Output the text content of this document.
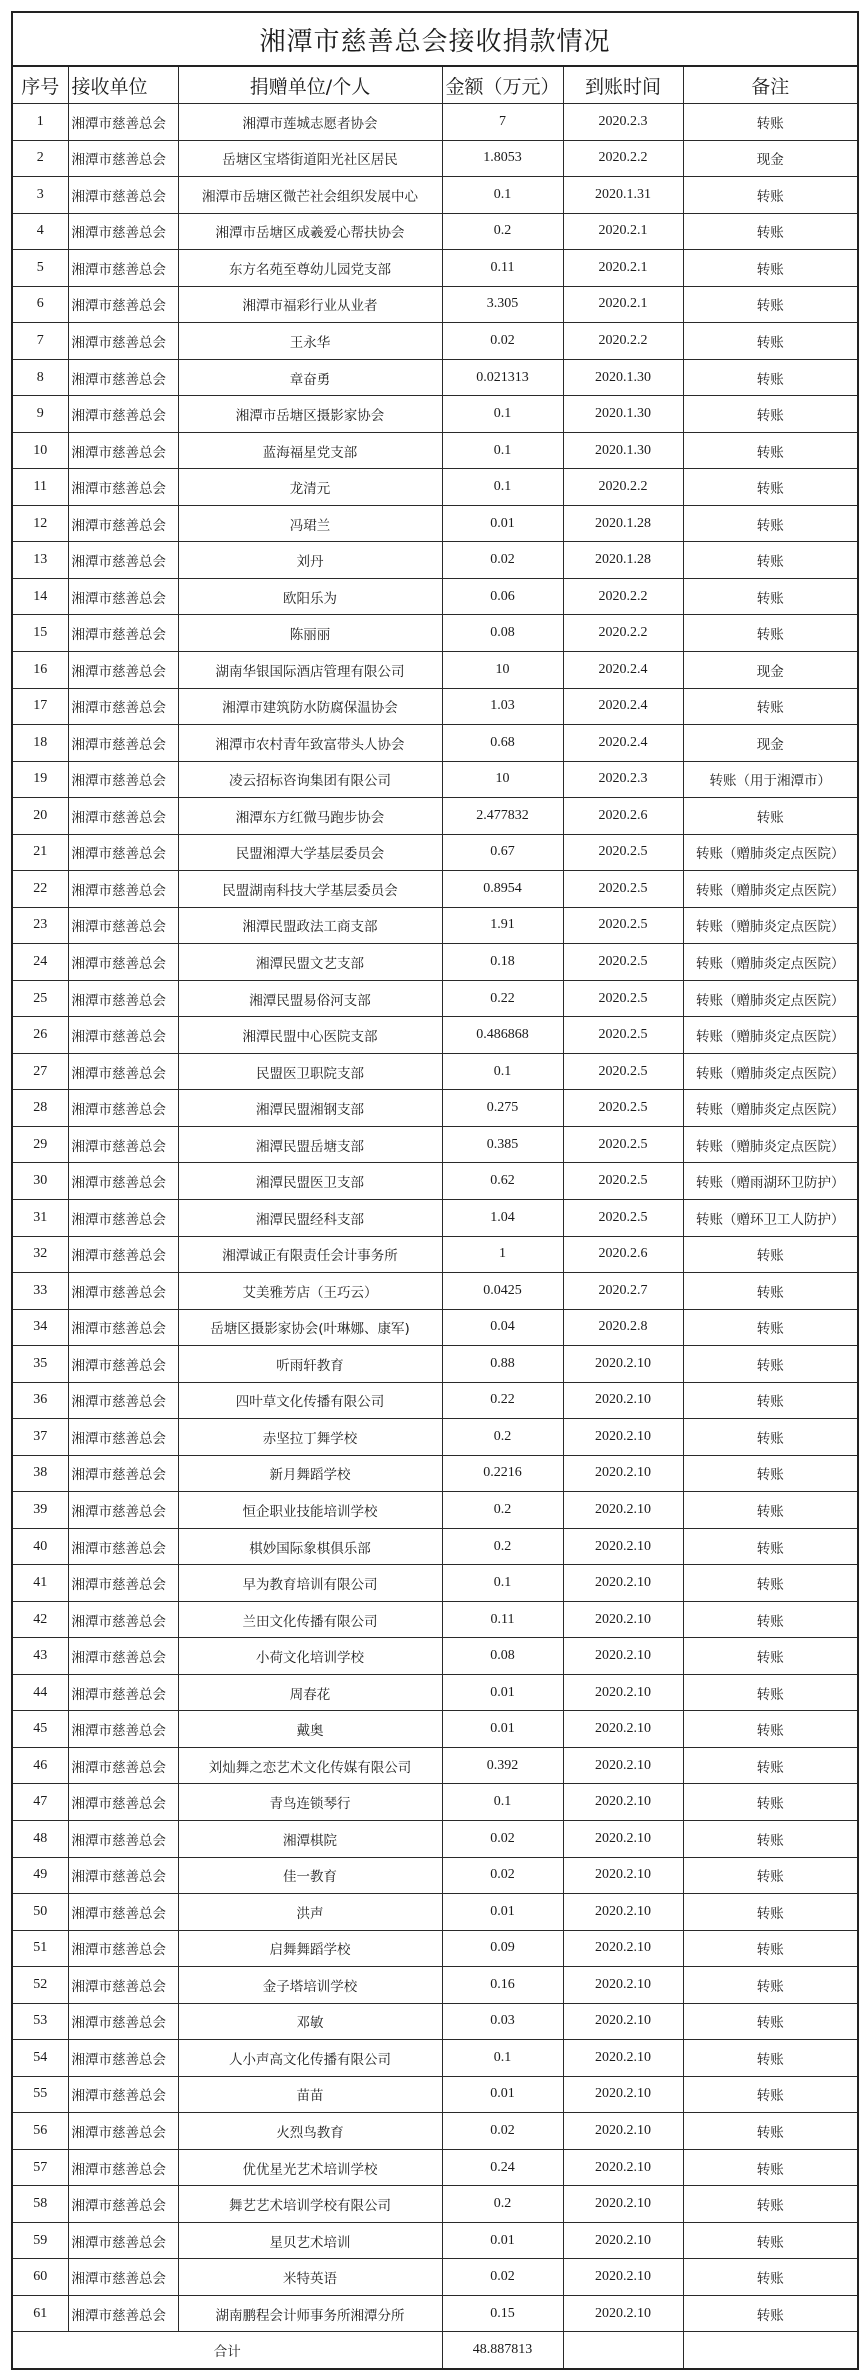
湘潭市慈善总会接收捐款情况
序号	接收单位	捐赠单位/个人	金额（万元）	到账时间	备注
1	湘潭市慈善总会	湘潭市莲城志愿者协会	7	2020.2.3	转账
2	湘潭市慈善总会	岳塘区宝塔街道阳光社区居民	1.8053	2020.2.2	现金
3	湘潭市慈善总会	湘潭市岳塘区微芒社会组织发展中心	0.1	2020.1.31	转账
4	湘潭市慈善总会	湘潭市岳塘区成羲爱心帮扶协会	0.2	2020.2.1	转账
5	湘潭市慈善总会	东方名苑至尊幼儿园党支部	0.11	2020.2.1	转账
6	湘潭市慈善总会	湘潭市福彩行业从业者	3.305	2020.2.1	转账
7	湘潭市慈善总会	王永华	0.02	2020.2.2	转账
8	湘潭市慈善总会	章奋勇	0.021313	2020.1.30	转账
9	湘潭市慈善总会	湘潭市岳塘区摄影家协会	0.1	2020.1.30	转账
10	湘潭市慈善总会	蓝海福星党支部	0.1	2020.1.30	转账
11	湘潭市慈善总会	龙清元	0.1	2020.2.2	转账
12	湘潭市慈善总会	冯珺兰	0.01	2020.1.28	转账
13	湘潭市慈善总会	刘丹	0.02	2020.1.28	转账
14	湘潭市慈善总会	欧阳乐为	0.06	2020.2.2	转账
15	湘潭市慈善总会	陈丽丽	0.08	2020.2.2	转账
16	湘潭市慈善总会	湖南华银国际酒店管理有限公司	10	2020.2.4	现金
17	湘潭市慈善总会	湘潭市建筑防水防腐保温协会	1.03	2020.2.4	转账
18	湘潭市慈善总会	湘潭市农村青年致富带头人协会	0.68	2020.2.4	现金
19	湘潭市慈善总会	凌云招标咨询集团有限公司	10	2020.2.3	转账（用于湘潭市）
20	湘潭市慈善总会	湘潭东方红微马跑步协会	2.477832	2020.2.6	转账
21	湘潭市慈善总会	民盟湘潭大学基层委员会	0.67	2020.2.5	转账（赠肺炎定点医院）
22	湘潭市慈善总会	民盟湖南科技大学基层委员会	0.8954	2020.2.5	转账（赠肺炎定点医院）
23	湘潭市慈善总会	湘潭民盟政法工商支部	1.91	2020.2.5	转账（赠肺炎定点医院）
24	湘潭市慈善总会	湘潭民盟文艺支部	0.18	2020.2.5	转账（赠肺炎定点医院）
25	湘潭市慈善总会	湘潭民盟易俗河支部	0.22	2020.2.5	转账（赠肺炎定点医院）
26	湘潭市慈善总会	湘潭民盟中心医院支部	0.486868	2020.2.5	转账（赠肺炎定点医院）
27	湘潭市慈善总会	民盟医卫职院支部	0.1	2020.2.5	转账（赠肺炎定点医院）
28	湘潭市慈善总会	湘潭民盟湘钢支部	0.275	2020.2.5	转账（赠肺炎定点医院）
29	湘潭市慈善总会	湘潭民盟岳塘支部	0.385	2020.2.5	转账（赠肺炎定点医院）
30	湘潭市慈善总会	湘潭民盟医卫支部	0.62	2020.2.5	转账（赠雨湖环卫防护）
31	湘潭市慈善总会	湘潭民盟经科支部	1.04	2020.2.5	转账（赠环卫工人防护）
32	湘潭市慈善总会	湘潭诚正有限责任会计事务所	1	2020.2.6	转账
33	湘潭市慈善总会	艾美雅芳店（王巧云）	0.0425	2020.2.7	转账
34	湘潭市慈善总会	岳塘区摄影家协会(叶琳娜、康军)	0.04	2020.2.8	转账
35	湘潭市慈善总会	听雨轩教育	0.88	2020.2.10	转账
36	湘潭市慈善总会	四叶草文化传播有限公司	0.22	2020.2.10	转账
37	湘潭市慈善总会	赤坚拉丁舞学校	0.2	2020.2.10	转账
38	湘潭市慈善总会	新月舞蹈学校	0.2216	2020.2.10	转账
39	湘潭市慈善总会	恒企职业技能培训学校	0.2	2020.2.10	转账
40	湘潭市慈善总会	棋妙国际象棋俱乐部	0.2	2020.2.10	转账
41	湘潭市慈善总会	早为教育培训有限公司	0.1	2020.2.10	转账
42	湘潭市慈善总会	兰田文化传播有限公司	0.11	2020.2.10	转账
43	湘潭市慈善总会	小荷文化培训学校	0.08	2020.2.10	转账
44	湘潭市慈善总会	周春花	0.01	2020.2.10	转账
45	湘潭市慈善总会	戴奥	0.01	2020.2.10	转账
46	湘潭市慈善总会	刘灿舞之恋艺术文化传媒有限公司	0.392	2020.2.10	转账
47	湘潭市慈善总会	青鸟连锁琴行	0.1	2020.2.10	转账
48	湘潭市慈善总会	湘潭棋院	0.02	2020.2.10	转账
49	湘潭市慈善总会	佳一教育	0.02	2020.2.10	转账
50	湘潭市慈善总会	洪声	0.01	2020.2.10	转账
51	湘潭市慈善总会	启舞舞蹈学校	0.09	2020.2.10	转账
52	湘潭市慈善总会	金子塔培训学校	0.16	2020.2.10	转账
53	湘潭市慈善总会	邓敏	0.03	2020.2.10	转账
54	湘潭市慈善总会	人小声高文化传播有限公司	0.1	2020.2.10	转账
55	湘潭市慈善总会	苗苗	0.01	2020.2.10	转账
56	湘潭市慈善总会	火烈鸟教育	0.02	2020.2.10	转账
57	湘潭市慈善总会	优优星光艺术培训学校	0.24	2020.2.10	转账
58	湘潭市慈善总会	舞艺艺术培训学校有限公司	0.2	2020.2.10	转账
59	湘潭市慈善总会	星贝艺术培训	0.01	2020.2.10	转账
60	湘潭市慈善总会	米特英语	0.02	2020.2.10	转账
61	湘潭市慈善总会	湖南鹏程会计师事务所湘潭分所	0.15	2020.2.10	转账
合计			48.887813		
